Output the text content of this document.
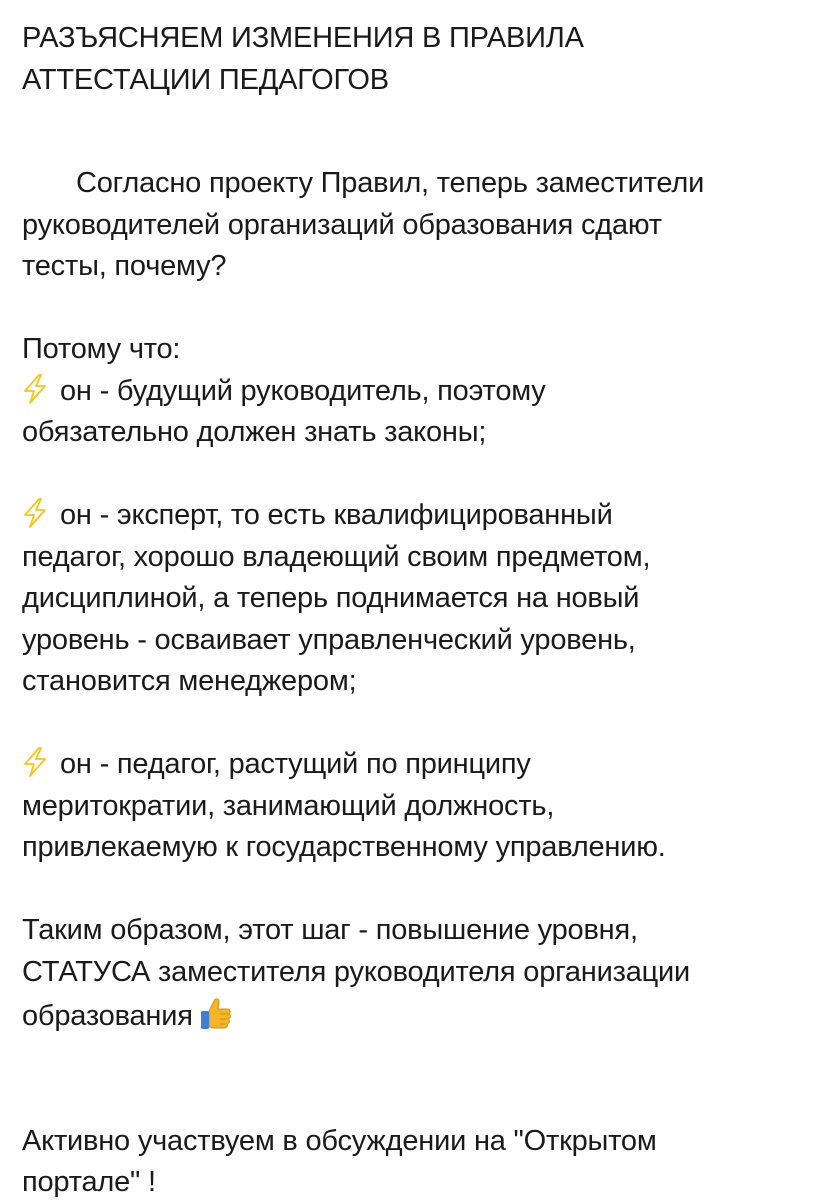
РАЗЪЯСНЯЕМ ИЗМЕНЕНИЯ В ПРАВИЛА
АТТЕСТАЦИИ ПЕДАГОГОВ

Согласно проекту Правил, теперь заместители
руководителей организаций образования сдают
тесты, почему?

Потому что:

он - будущий руководитель, поэтому
обязательно должен знать законы;

он - эксперт, то есть квалифицированный
педагог, хорошо владеющий своим предметом,
дисциплиной, а теперь поднимается на новый
уровень - осваивает управленческий уровень,
становится менеджером;

он - педагог, растущий по принципу
меритократии, занимающий должность,
привлекаемую к государственному управлению.

Таким образом, этот шаг - повышение уровня,
СТАТУСА заместителя руководителя организации
образования

Активно участвуем в обсуждении на "Открытом
портале" !
